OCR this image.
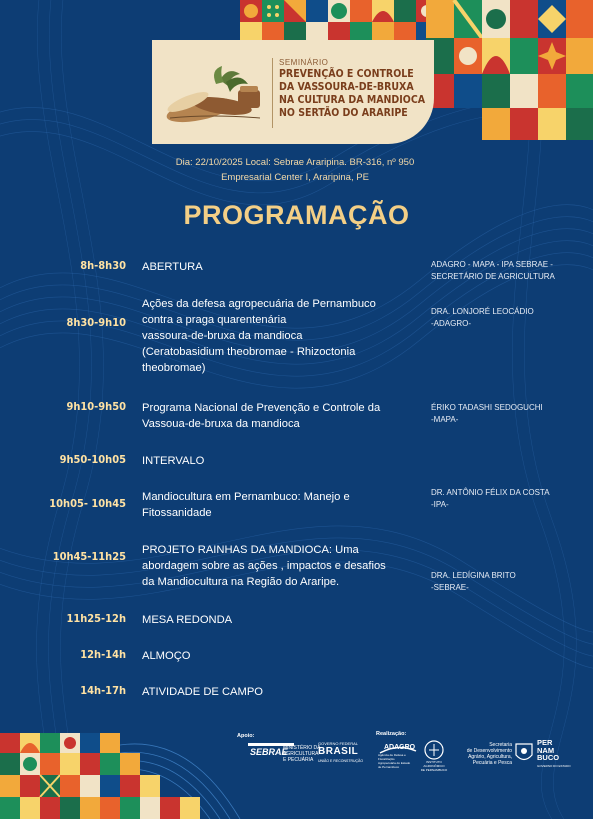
SEMINÁRIO
PREVENÇÃO E CONTROLE
DA VASSOURA-DE-BRUXA
NA CULTURA DA MANDIOCA
NO SERTÃO DO ARARIPE
Dia: 22/10/2025 Local: Sebrae Araripina. BR-316, nº 950
Empresarial Center I, Araripina, PE
PROGRAMAÇÃO
8h-8h30 ABERTURA	ADAGRO - MAPA - IPA SEBRAE -
SECRETÁRIO DE AGRICULTURA
8h30-9h10
Ações da defesa agropecuária de Pernambuco
contra a praga quarentenária
vassoura-de-bruxa da mandioca
(Ceratobasidium theobromae - Rhizoctonia
theobromae)
DRA. LONJORÉ LEOCÁDIO
-ADAGRO-
9h10-9h50 Programa Nacional de Prevenção e Controle da
Vassoua-de-bruxa da mandioca
ÉRIKO TADASHI SEDOGUCHI
-MAPA-
9h50-10h05 INTERVALO
10h05- 10h45 Mandiocultura em Pernambuco: Manejo e
Fitossanidade
DR. ANTÔNIO FÉLIX DA COSTA
-IPA-
10h45-11h25 PROJETO RAINHAS DA MANDIOCA: Uma
abordagem sobre as ações , impactos e desafios
da Mandiocultura na Região do Araripe.
DRA. LEDÍGINA BRITO
-SEBRAE-
11h25-12h MESA REDONDA
12h-14h ALMOÇO
14h-17h ATIVIDADE DE CAMPO
Apoio:
SEBRAE
MINISTÉRIO DA
AGRICULTURA
E PECUÁRIA
GOVERNO FEDERAL
BRASIL
UNIÃO E RECONSTRUÇÃO
Realização:
ADAGRO
Agência de Defesa e Fiscalização
Agropecuária do Estado
de Pernambuco
INSTITUTO
AGRONÔMICO
DE PERNAMBUCO
Secretaria
de Desenvolvimento
Agrário, Agricultura,
Pecuária e Pesca
PER
NAM
BUCO
GOVERNO DO ESTADO
